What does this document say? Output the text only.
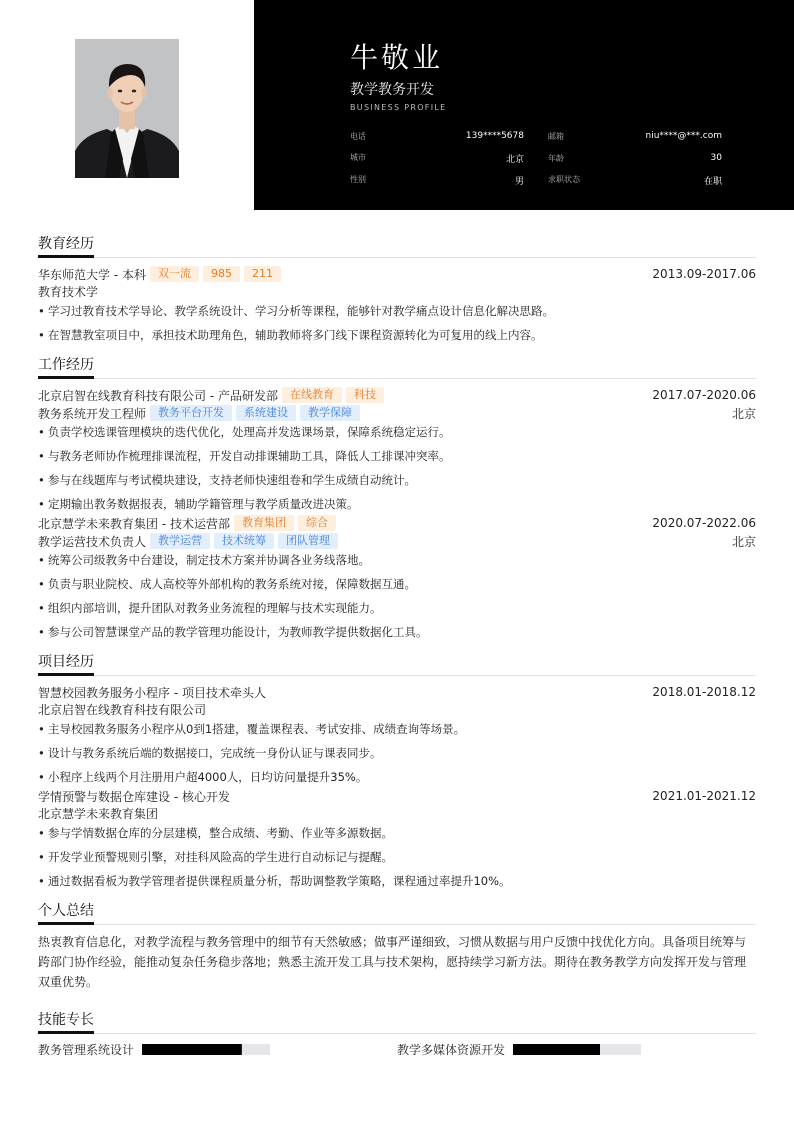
牛敬业
教学教务开发
BUSINESS PROFILE
电话	139****5678	邮箱	niu****@***.com
城市	北京	年龄	30
性别	男	求职状态	在职
教育经历
华东师范大学 - 本科	双一流	985	211	2013.09-2017.06
教育技术学
• 学习过教育技术学导论、教学系统设计、学习分析等课程，能够针对教学痛点设计信息化解决思路。
• 在智慧教室项目中，承担技术助理角色，辅助教师将多门线下课程资源转化为可复用的线上内容。
工作经历
北京启智在线教育科技有限公司 - 产品研发部	在线教育	科技	2017.07-2020.06
教务系统开发工程师	教务平台开发	系统建设	教学保障	北京
• 负责学校选课管理模块的迭代优化，处理高并发选课场景，保障系统稳定运行。
• 与教务老师协作梳理排课流程，开发自动排课辅助工具，降低人工排课冲突率。
• 参与在线题库与考试模块建设，支持老师快速组卷和学生成绩自动统计。
• 定期输出教务数据报表，辅助学籍管理与教学质量改进决策。
北京慧学未来教育集团 - 技术运营部	教育集团	综合	2020.07-2022.06
教学运营技术负责人	教学运营	技术统筹	团队管理	北京
• 统筹公司级教务中台建设，制定技术方案并协调各业务线落地。
• 负责与职业院校、成人高校等外部机构的教务系统对接，保障数据互通。
• 组织内部培训，提升团队对教务业务流程的理解与技术实现能力。
• 参与公司智慧课堂产品的教学管理功能设计，为教师教学提供数据化工具。
项目经历
智慧校园教务服务小程序 - 项目技术牵头人	2018.01-2018.12
北京启智在线教育科技有限公司
• 主导校园教务服务小程序从0到1搭建，覆盖课程表、考试安排、成绩查询等场景。
• 设计与教务系统后端的数据接口，完成统一身份认证与课表同步。
• 小程序上线两个月注册用户超4000人，日均访问量提升35%。
学情预警与数据仓库建设 - 核心开发	2021.01-2021.12
北京慧学未来教育集团
• 参与学情数据仓库的分层建模，整合成绩、考勤、作业等多源数据。
• 开发学业预警规则引擎，对挂科风险高的学生进行自动标记与提醒。
• 通过数据看板为教学管理者提供课程质量分析，帮助调整教学策略，课程通过率提升10%。
个人总结
热衷教育信息化，对教学流程与教务管理中的细节有天然敏感；做事严谨细致，习惯从数据与用户反馈中找优化方向。具备项目统筹与跨部门协作经验，能推动复杂任务稳步落地；熟悉主流开发工具与技术架构，愿持续学习新方法。期待在教务教学方向发挥开发与管理双重优势。
技能专长
教务管理系统设计	教学多媒体资源开发
